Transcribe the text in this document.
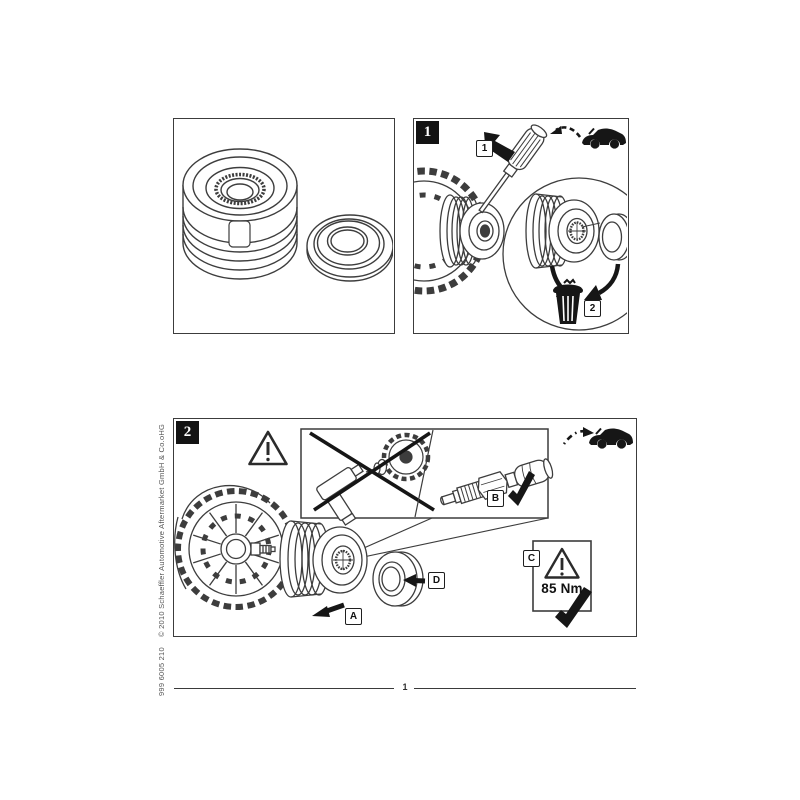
1
1
2
2
A
B
C
D
85 Nm
1
© 2010 Schaeffler Automotive Aftermarket GmbH & Co.oHG
999 6005 210
